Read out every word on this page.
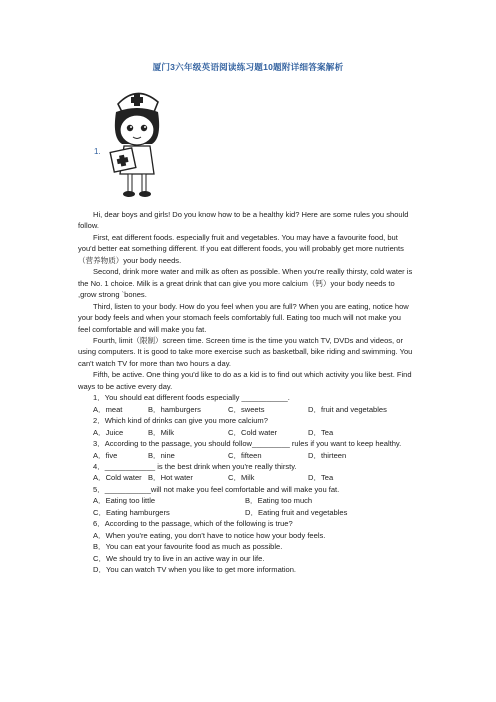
厦门3六年级英语阅读练习题10题附详细答案解析
1.

Hi, dear boys and girls! Do you know how to be a healthy kid? Here are some rules you should follow.

First, eat different foods. especially fruit and vegetables. You may have a favourite food, but you'd better eat something different. If you eat different foods, you will probably get more nutrients（营养物质）your body needs.

Second, drink more water and milk as often as possible. When you're really thirsty, cold water is the No. 1 choice. Milk is a great drink that can give you more calcium（钙）your body needs to ,grow strong `bones.

Third, listen to your body. How do you feel when you are full? When you are eating, notice how your body feels and when your stomach feels comfortably full. Eating too much will not make you feel comfortable and will make you fat.

Fourth, limit（限制）screen time. Screen time is the time you watch TV, DVDs and videos, or using computers. It is good to take more exercise such as basketball, bike riding and swimming. You can't watch TV for more than two hours a day.

Fifth, be active. One thing you'd like to do as a kid is to find out which activity you like best. Find ways to be active every day.

1．You should eat different foods especially ___________.

A．meat	B．hamburgers	C．sweets	D．fruit and vegetables

2．Which kind of drinks can give you more calcium?

A．Juice	B．Milk	C．Cold water	D．Tea

3．According to the passage, you should follow_________ rules if you want to keep healthy.

A．five	B．nine	C．fifteen	D．thirteen

4．____________ is the best drink when you're really thirsty.

A．Cold water B．Hot water	C．Milk	D．Tea

5．___________will not make you feel comfortable and will make you fat.

A．Eating too little	B．Eating too much
C．Eating hamburgers	D．Eating fruit and vegetables

6．According to the passage, which of the following is true?

A．When you're eating, you don't have to notice how your body feels.
B．You can eat your favourite food as much as possible.
C．We should try to live in an active way in our life.
D．You can watch TV when you like to get more information.
